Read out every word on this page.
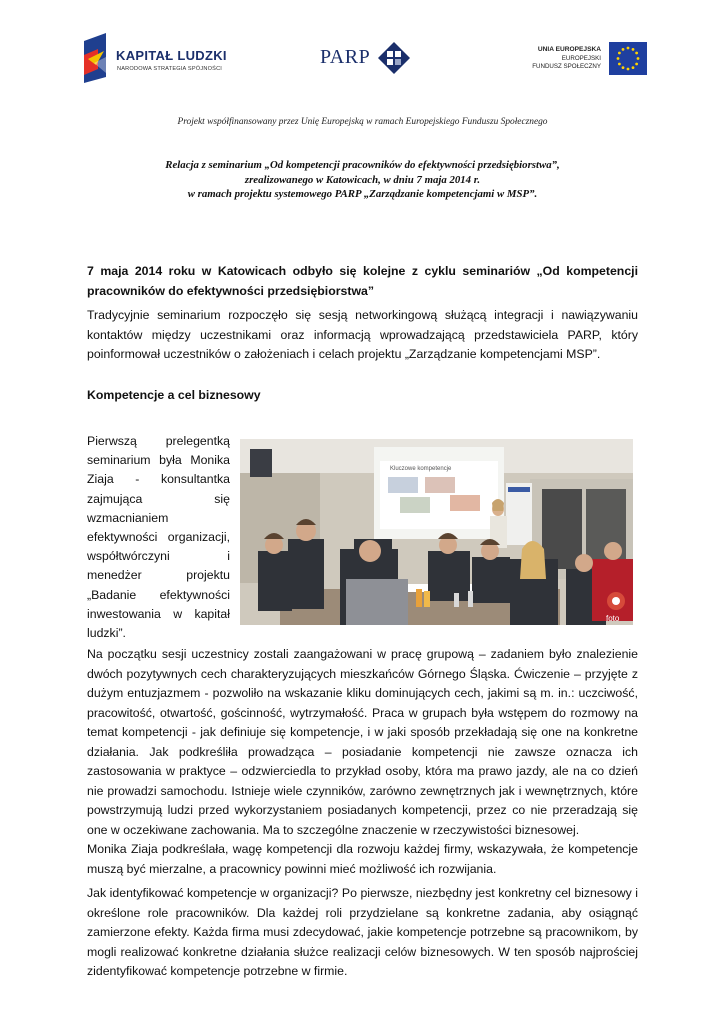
KAPITAŁ LUDZKI
NARODOWA STRATEGIA SPÓJNOŚCI
PARP	UNIA EUROPEJSKA
EUROPEJSKI
FUNDUSZ SPOŁECZNY
Projekt współfinansowany przez Unię Europejską w ramach Europejskiego Funduszu Społecznego
Relacja z seminarium „Od kompetencji pracowników do efektywności przedsiębiorstwa”,
zrealizowanego w Katowicach, w dniu 7 maja 2014 r.
w ramach projektu systemowego PARP „Zarządzanie kompetencjami w MSP”.
7 maja 2014 roku w Katowicach odbyło się kolejne z cyklu seminariów „Od kompetencji pracowników do efektywności przedsiębiorstwa”
Tradycyjnie seminarium rozpoczęło się sesją networkingową służącą integracji i nawiązywaniu kontaktów między uczestnikami oraz informacją wprowadzającą przedstawiciela PARP, który poinformował uczestników o założeniach i celach projektu „Zarządzanie kompetencjami MSP”.
Kompetencje a cel biznesowy
Pierwszą prelegentką seminarium była Monika Ziaja - konsultantka zajmująca się wzmacnianiem efektywności organizacji, współtwórczyni i menedżer projektu „Badanie efektywności inwestowania w kapitał ludzki”.
Kluczowe kompetencje
foto
Na początku sesji uczestnicy zostali zaangażowani w pracę grupową – zadaniem było znalezienie dwóch pozytywnych cech charakteryzujących mieszkańców Górnego Śląska. Ćwiczenie – przyjęte z dużym entuzjazmem - pozwoliło na wskazanie kliku dominujących cech, jakimi są m. in.: uczciwość, pracowitość, otwartość, gościnność, wytrzymałość. Praca w grupach była wstępem do rozmowy na temat kompetencji - jak definiuje się kompetencje, i w jaki sposób przekładają się one na konkretne działania. Jak podkreśliła prowadząca – posiadanie kompetencji nie zawsze oznacza ich zastosowania w praktyce – odzwierciedla to przykład osoby, która ma prawo jazdy, ale na co dzień nie prowadzi samochodu. Istnieje wiele czynników, zarówno zewnętrznych jak i wewnętrznych, które powstrzymują ludzi przed wykorzystaniem posiadanych kompetencji, przez co nie przeradzają się one w oczekiwane zachowania. Ma to szczególne znaczenie w rzeczywistości biznesowej.
Monika Ziaja podkreślała, wagę kompetencji dla rozwoju każdej firmy, wskazywała, że kompetencje muszą być mierzalne, a pracownicy powinni mieć możliwość ich rozwijania.
Jak identyfikować kompetencje w organizacji? Po pierwsze, niezbędny jest konkretny cel biznesowy i określone role pracowników. Dla każdej roli przydzielane są konkretne zadania, aby osiągnąć zamierzone efekty. Każda firma musi zdecydować, jakie kompetencje potrzebne są pracownikom, by mogli realizować konkretne działania służce realizacji celów biznesowych. W ten sposób najprościej zidentyfikować kompetencje potrzebne w firmie.
